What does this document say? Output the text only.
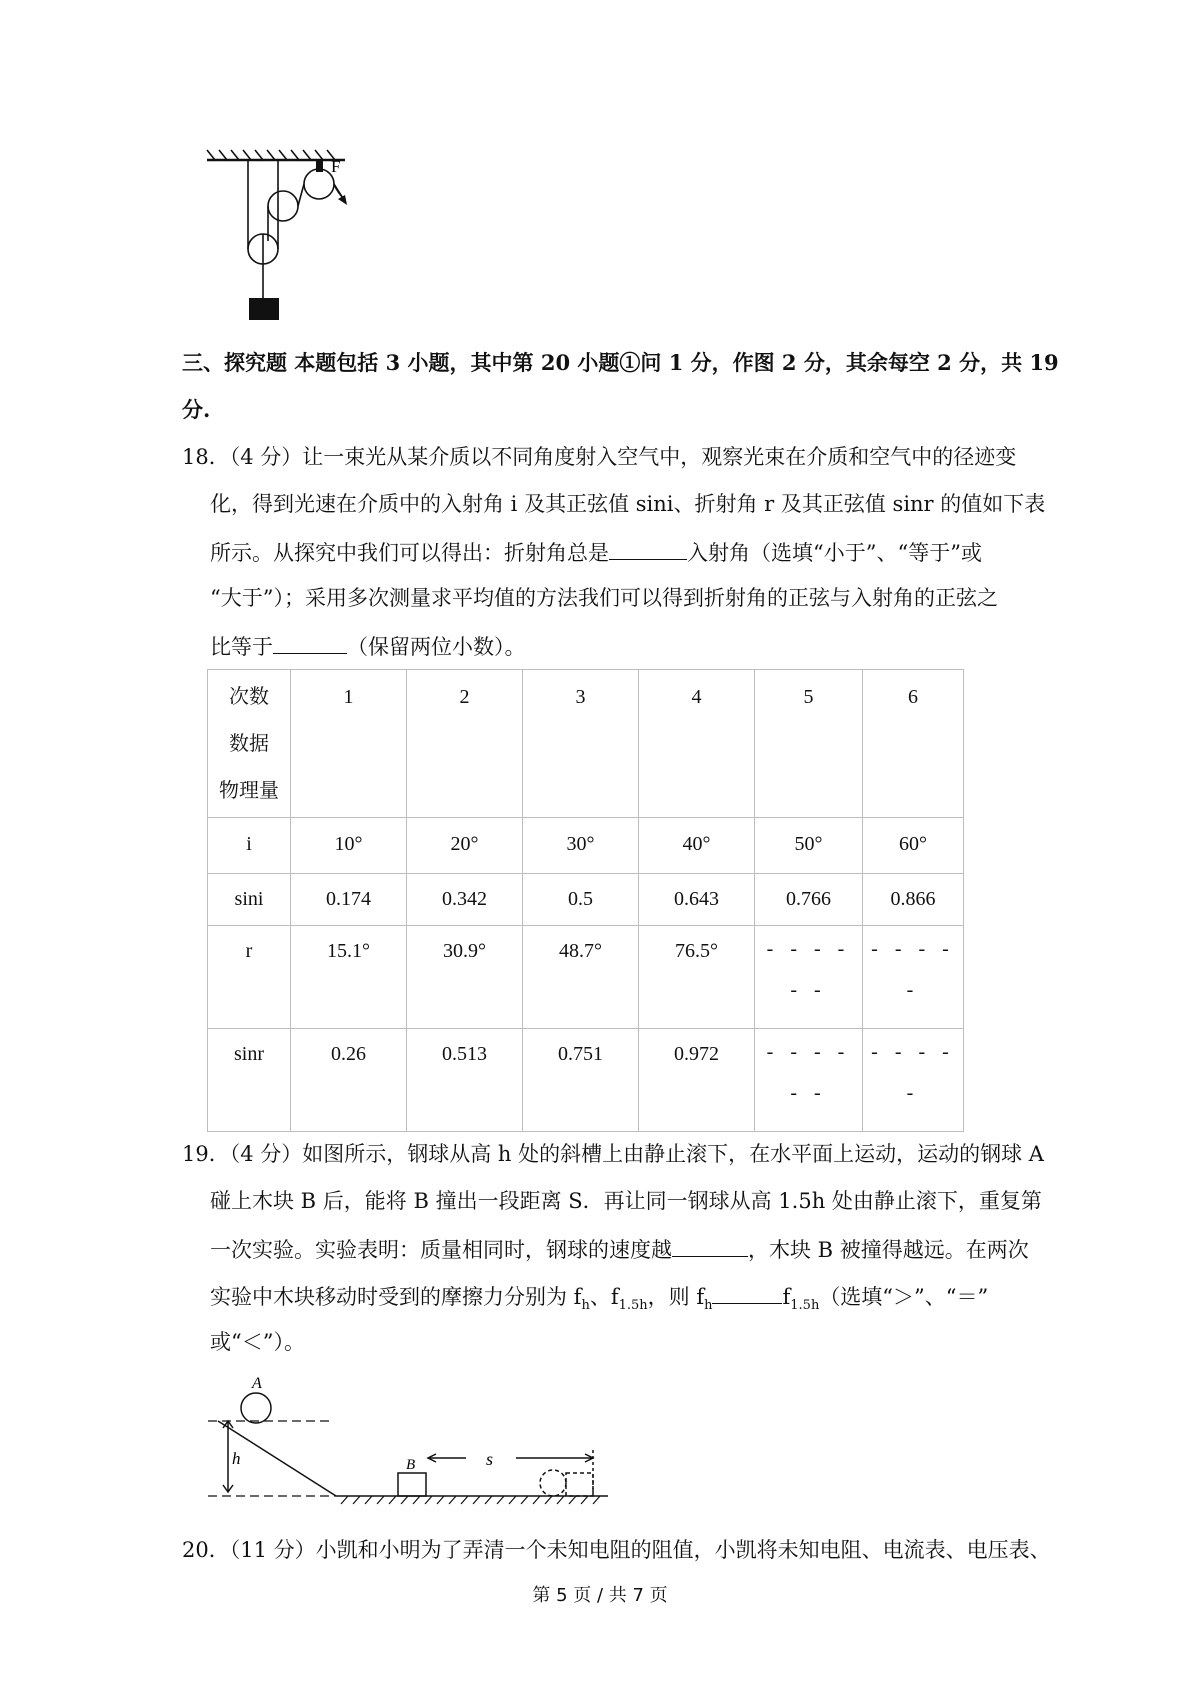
F
三、探究题 本题包括 3 小题，其中第 20 小题①问 1 分，作图 2 分，其余每空 2 分，共 19
分.
18．（4 分）让一束光从某介质以不同角度射入空气中，观察光束在介质和空气中的径迹变
化，得到光速在介质中的入射角 i 及其正弦值 sini、折射角 r 及其正弦值 sinr 的值如下表
所示。从探究中我们可以得出：折射角总是	入射角（选填“小于”、“等于”或
“大于”）；采用多次测量求平均值的方法我们可以得到折射角的正弦与入射角的正弦之
比等于	（保留两位小数）。
次数
数据
物理量	1	2	3	4	5	6
i	10°	20°	30°	40°	50°	60°
sini	0.174	0.342	0.5	0.643	0.766	0.866
r	15.1°	30.9°	48.7°	76.5°	- - - -
- -	- - - -
-

sinr	0.26	0.513	0.751	0.972	- - - -
- -	- - - -
-
19．（4 分）如图所示，钢球从高 h 处的斜槽上由静止滚下，在水平面上运动，运动的钢球 A
碰上木块 B 后，能将 B 撞出一段距离 S．再让同一钢球从高 1.5h 处由静止滚下，重复第
一次实验。实验表明：质量相同时，钢球的速度越	，木块 B 被撞得越远。在两次
实验中木块移动时受到的摩擦力分别为 $f_h$、$f_{1.5h}$，则 $f_h$	$f_{1.5h}$（选填“＞”、“＝”
或“＜”）。
A
h	B	s
20．（11 分）小凯和小明为了弄清一个未知电阻的阻值，小凯将未知电阻、电流表、电压表、
第 5 页 / 共 7 页
